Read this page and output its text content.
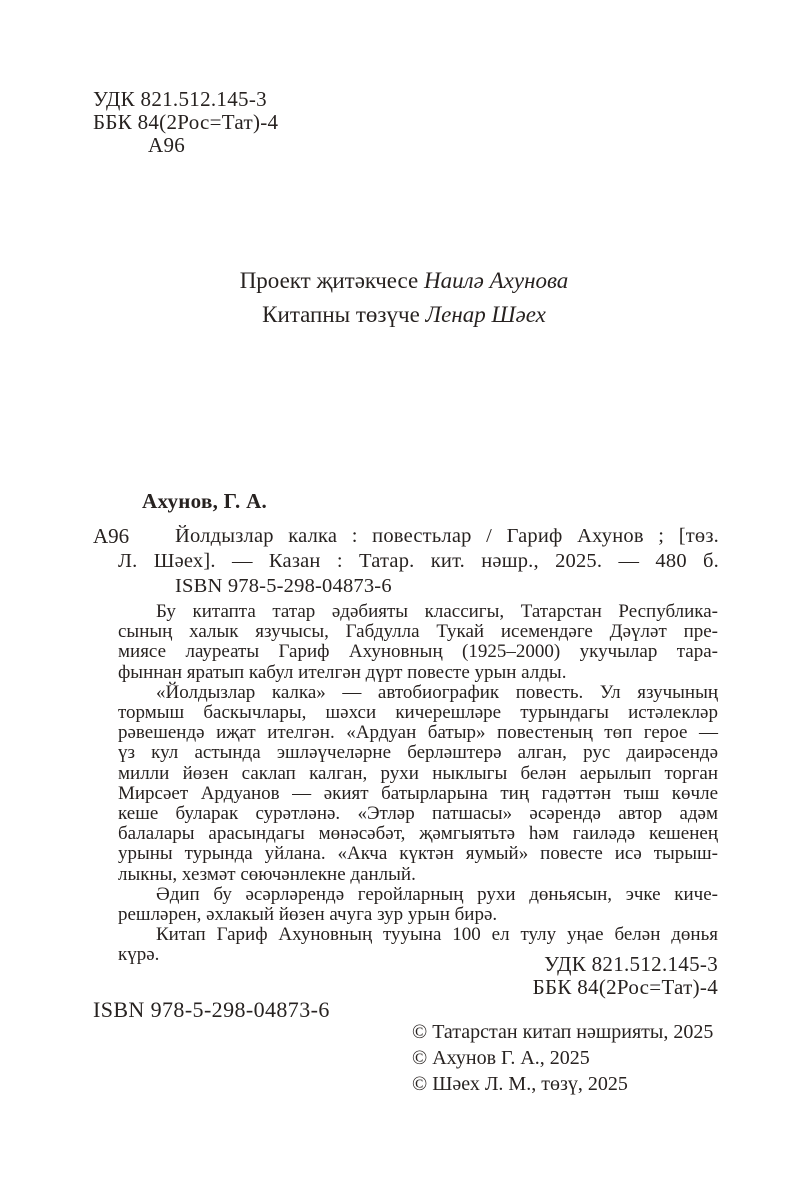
УДК 821.512.145-3
ББК 84(2Рос=Тат)-4
А96
Проект җитәкчесе Наилә Ахунова
Китапны төзүче Ленар Шәех
Ахунов, Г. А.
А96	Йолдызлар калка : повестьлар / Гариф Ахунов ; [төз.
Л. Шәех]. — Казан : Татар. кит. нәшр., 2025. — 480 б.
ISBN 978-5-298-04873-6
Бу китапта татар әдәбияты классигы, Татарстан Республика-
сының халык язучысы, Габдулла Тукай исемендәге Дәүләт пре-
миясе лауреаты Гариф Ахуновның (1925–2000) укучылар тара-
фыннан яратып кабул ителгән дүрт повесте урын алды.
«Йолдызлар калка» — автобиографик повесть. Ул язучының
тормыш баскычлары, шәхси кичерешләре турындагы истәлекләр
рәвешендә иҗат ителгән. «Ардуан батыр» повестеның төп герое —
үз кул астында эшләүчеләрне берләштерә алган, рус даирәсендә
милли йөзен саклап калган, рухи ныклыгы белән аерылып торган
Мирсәет Ардуанов — әкият батырларына тиң гадәттән тыш көчле
кеше буларак сурәтләнә. «Этләр патшасы» әсәрендә автор адәм
балалары арасындагы мөнәсәбәт, җәмгыятьтә һәм гаиләдә кешенең
урыны турында уйлана. «Акча күктән яумый» повесте исә тырыш-
лыкны, хезмәт сөючәнлекне данлый.
Әдип бу әсәрләрендә геройларның рухи дөньясын, эчке киче-
решләрен, әхлакый йөзен ачуга зур урын бирә.
Китап Гариф Ахуновның тууына 100 ел тулу уңае белән дөнья
күрә.	УДК 821.512.145-3
ББК 84(2Рос=Тат)-4
ISBN 978-5-298-04873-6
© Татарстан китап нәшрияты, 2025
© Ахунов Г. А., 2025
© Шәех Л. М., төзү, 2025
